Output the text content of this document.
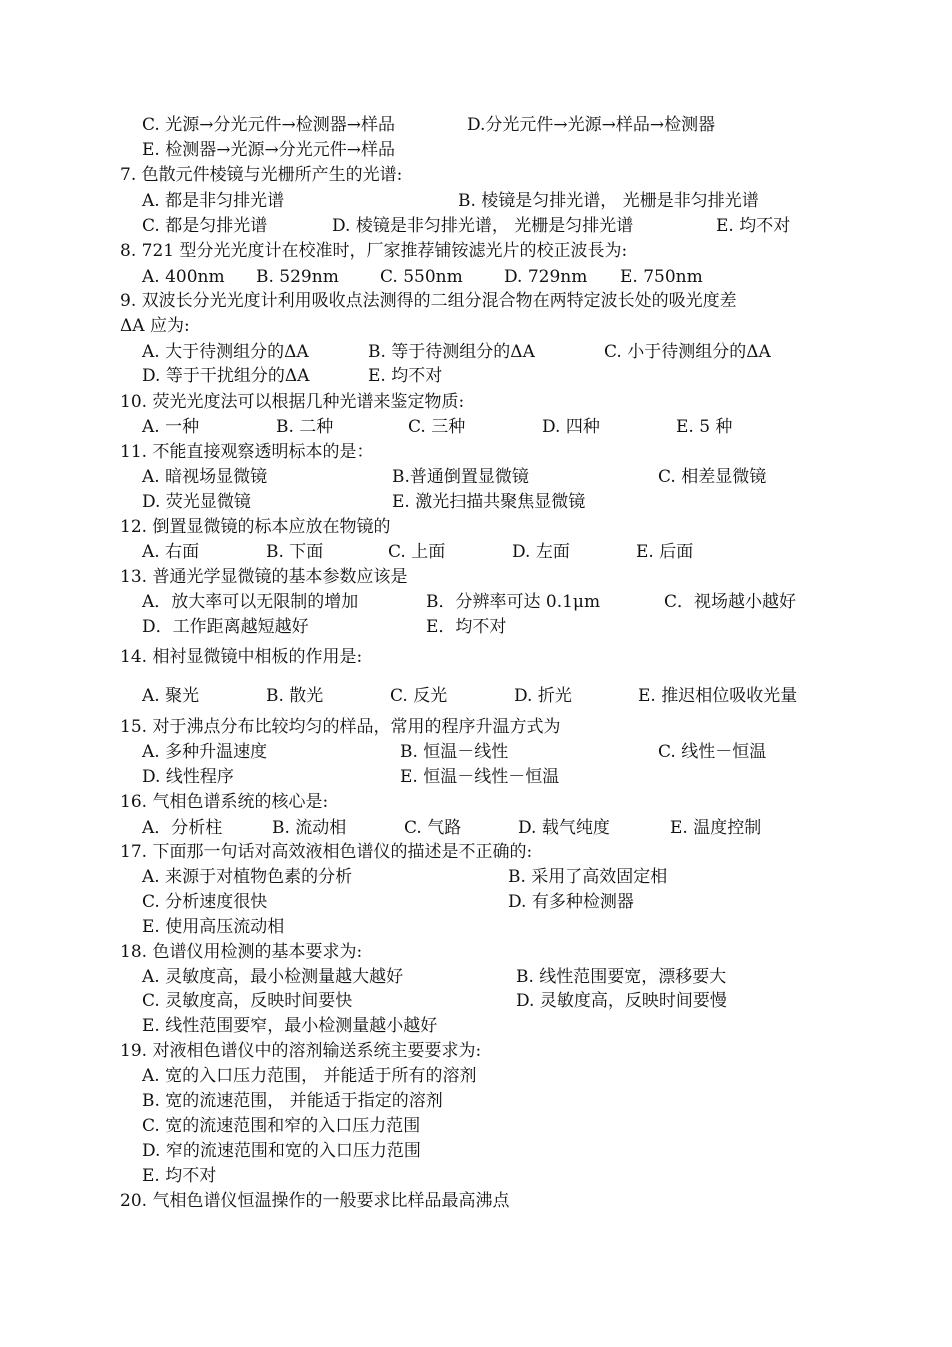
C. 光源→分光元件→检测器→样品	D.分光元件→光源→样品→检测器
E. 检测器→光源→分光元件→样品
7. 色散元件棱镜与光栅所产生的光谱:
A. 都是非匀排光谱	B. 棱镜是匀排光谱， 光栅是非匀排光谱
C. 都是匀排光谱	D. 棱镜是非匀排光谱， 光栅是匀排光谱	E. 均不对
8. 721 型分光光度计在校准时，厂家推荐铺铵滤光片的校正波長为:
A. 400nm B. 529nm C. 550nm D. 729nm E. 750nm
9. 双波长分光光度计利用吸收点法测得的二组分混合物在两特定波长处的吸光度差
ΔA 应为:
A. 大于待测组分的ΔA	B. 等于待测组分的ΔA	C. 小于待测组分的ΔA
D. 等于干扰组分的ΔA	E. 均不对
10. 荧光光度法可以根据几种光谱来鉴定物质:
A. 一种	B. 二种	C. 三种	D. 四种	E. 5 种
11. 不能直接观察透明标本的是：
A. 暗视场显微镜	B.普通倒置显微镜	C. 相差显微镜
D. 荧光显微镜	E. 激光扫描共聚焦显微镜
12. 倒置显微镜的标本应放在物镜的
A. 右面	B. 下面	C. 上面	D. 左面	E. 后面
13. 普通光学显微镜的基本参数应该是
A．放大率可以无限制的增加	B．分辨率可达 0.1μm	C．视场越小越好
D．工作距离越短越好	E．均不对
14. 相衬显微镜中相板的作用是:
A. 聚光	B. 散光	C. 反光	D. 折光	E. 推迟相位吸收光量
15. 对于沸点分布比较均匀的样品，常用的程序升温方式为
A. 多种升温速度	B. 恒温－线性	C. 线性－恒温
D. 线性程序	E. 恒温－线性－恒温
16. 气相色谱系统的核心是:
A．分析柱	B. 流动相	C. 气路	D. 载气纯度	E. 温度控制
17. 下面那一句话对高效液相色谱仪的描述是不正确的:
A. 来源于对植物色素的分析	B. 采用了高效固定相
C. 分析速度很快	D. 有多种检测器
E. 使用高压流动相
18. 色谱仪用检测的基本要求为:
A. 灵敏度高，最小检测量越大越好	B. 线性范围要宽，漂移要大
C. 灵敏度高，反映时间要快	D. 灵敏度高，反映时间要慢
E. 线性范围要窄，最小检测量越小越好
19. 对液相色谱仪中的溶剂输送系统主要要求为:
A. 宽的入口压力范围， 并能适于所有的溶剂
B. 宽的流速范围， 并能适于指定的溶剂
C. 宽的流速范围和窄的入口压力范围
D. 窄的流速范围和宽的入口压力范围
E. 均不对
20. 气相色谱仪恒温操作的一般要求比样品最高沸点
